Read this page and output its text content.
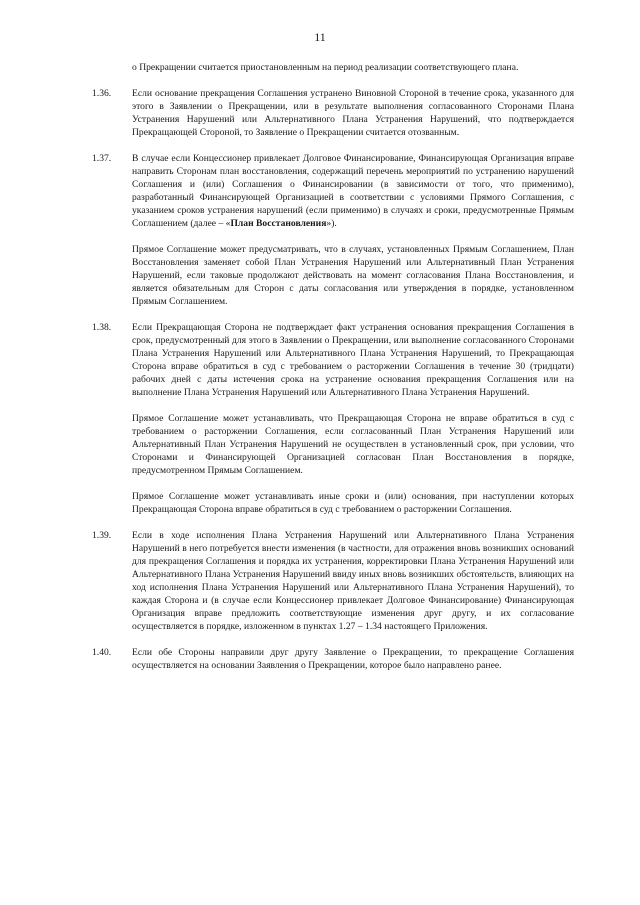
11

о Прекращении считается приостановленным на период реализации соответствующего плана.

1.36.	Если основание прекращения Соглашения устранено Виновной Стороной в течение срока, указанного для этого в Заявлении о Прекращении, или в результате выполнения согласованного Сторонами Плана Устранения Нарушений или Альтернативного Плана Устранения Нарушений, что подтверждается Прекращающей Стороной, то Заявление о Прекращении считается отозванным.

1.37.	В случае если Концессионер привлекает Долговое Финансирование, Финансирующая Организация вправе направить Сторонам план восстановления, содержащий перечень мероприятий по устранению нарушений Соглашения и (или) Соглашения о Финансировании (в зависимости от того, что применимо), разработанный Финансирующей Организацией в соответствии с условиями Прямого Соглашения, с указанием сроков устранения нарушений (если применимо) в случаях и сроки, предусмотренные Прямым Соглашением (далее – «План Восстановления»).

Прямое Соглашение может предусматривать, что в случаях, установленных Прямым Соглашением, План Восстановления заменяет собой План Устранения Нарушений или Альтернативный План Устранения Нарушений, если таковые продолжают действовать на момент согласования Плана Восстановления, и является обязательным для Сторон с даты согласования или утверждения в порядке, установленном Прямым Соглашением.

1.38.	Если Прекращающая Сторона не подтверждает факт устранения основания прекращения Соглашения в срок, предусмотренный для этого в Заявлении о Прекращении, или выполнение согласованного Сторонами Плана Устранения Нарушений или Альтернативного Плана Устранения Нарушений, то Прекращающая Сторона вправе обратиться в суд с требованием о расторжении Соглашения в течение 30 (тридцати) рабочих дней с даты истечения срока на устранение основания прекращения Соглашения или на выполнение Плана Устранения Нарушений или Альтернативного Плана Устранения Нарушений.

Прямое Соглашение может устанавливать, что Прекращающая Сторона не вправе обратиться в суд с требованием о расторжении Соглашения, если согласованный План Устранения Нарушений или Альтернативный План Устранения Нарушений не осуществлен в установленный срок, при условии, что Сторонами и Финансирующей Организацией согласован План Восстановления в порядке, предусмотренном Прямым Соглашением.

Прямое Соглашение может устанавливать иные сроки и (или) основания, при наступлении которых Прекращающая Сторона вправе обратиться в суд с требованием о расторжении Соглашения.

1.39.	Если в ходе исполнения Плана Устранения Нарушений или Альтернативного Плана Устранения Нарушений в него потребуется внести изменения (в частности, для отражения вновь возникших оснований для прекращения Соглашения и порядка их устранения, корректировки Плана Устранения Нарушений или Альтернативного Плана Устранения Нарушений ввиду иных вновь возникших обстоятельств, влияющих на ход исполнения Плана Устранения Нарушений или Альтернативного Плана Устранения Нарушений), то каждая Сторона и (в случае если Концессионер привлекает Долговое Финансирование) Финансирующая Организация вправе предложить соответствующие изменения друг другу, и их согласование осуществляется в порядке, изложенном в пунктах 1.27 – 1.34 настоящего Приложения.

1.40.	Если обе Стороны направили друг другу Заявление о Прекращении, то прекращение Соглашения осуществляется на основании Заявления о Прекращении, которое было направлено ранее.
